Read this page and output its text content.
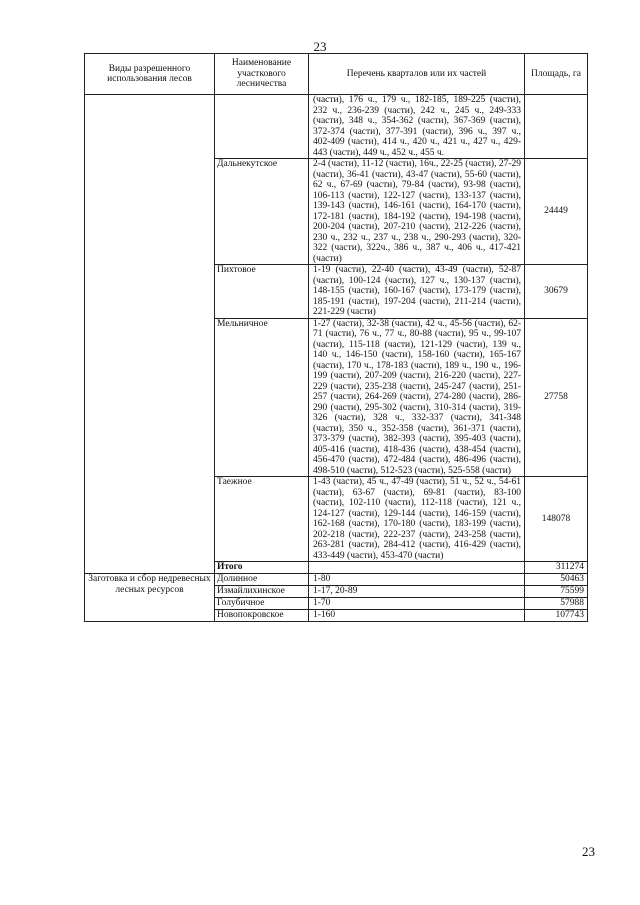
23
Виды разрешенного использования лесов	Наименование участкового лесничества	Перечень кварталов или их частей	Площадь, га
		(части), 176 ч., 179 ч., 182-185, 189-225 (части), 232 ч., 236-239 (части), 242 ч., 245 ч., 249-333 (части), 348 ч., 354-362 (части), 367-369 (части), 372-374 (части), 377-391 (части), 396 ч., 397 ч., 402-409 (части), 414 ч., 420 ч., 421 ч., 427 ч., 429-443 (части), 449 ч., 452 ч., 455 ч.	
	Дальнекутское	2-4 (части), 11-12 (части), 16ч., 22-25 (части), 27-29 (части), 36-41 (части), 43-47 (части), 55-60 (части), 62 ч., 67-69 (части), 79-84 (части), 93-98 (части), 106-113 (части), 122-127 (части), 133-137 (части), 139-143 (части), 146-161 (части), 164-170 (части), 172-181 (части), 184-192 (части), 194-198 (части), 200-204 (части), 207-210 (части), 212-226 (части), 230 ч., 232 ч., 237 ч., 238 ч., 290-293 (части), 320-322 (части), 322ч., 386 ч., 387 ч., 406 ч., 417-421 (части)	24449
	Пихтовое	1-19 (части), 22-40 (части), 43-49 (части), 52-87 (части), 100-124 (части), 127 ч., 130-137 (части), 148-155 (части), 160-167 (части), 173-179 (части), 185-191 (части), 197-204 (части), 211-214 (части), 221-229 (части)	30679
	Мельничное	1-27 (части), 32-38 (части), 42 ч., 45-56 (части), 62-71 (части), 76 ч., 77 ч., 80-88 (части), 95 ч., 99-107 (части), 115-118 (части), 121-129 (части), 139 ч., 140 ч., 146-150 (части), 158-160 (части), 165-167 (части), 170 ч., 178-183 (части), 189 ч., 190 ч., 196-199 (части), 207-209 (части), 216-220 (части), 227-229 (части), 235-238 (части), 245-247 (части), 251-257 (части), 264-269 (части), 274-280 (части), 286-290 (части), 295-302 (части), 310-314 (части), 319-326 (части), 328 ч., 332-337 (части), 341-348 (части), 350 ч., 352-358 (части), 361-371 (части), 373-379 (части), 382-393 (части), 395-403 (части), 405-416 (части), 418-436 (части), 438-454 (части), 456-470 (части), 472-484 (части), 486-496 (части), 498-510 (части), 512-523 (части), 525-558 (части)	27758
	Таежное	1-43 (части), 45 ч., 47-49 (части), 51 ч., 52 ч., 54-61 (части), 63-67 (части), 69-81 (части), 83-100 (части), 102-110 (части), 112-118 (части), 121 ч., 124-127 (части), 129-144 (части), 146-159 (части), 162-168 (части), 170-180 (части), 183-199 (части), 202-218 (части), 222-237 (части), 243-258 (части), 263-281 (части), 284-412 (части), 416-429 (части), 433-449 (части), 453-470 (части)	148078
	Итого		311274
Заготовка и сбор недревесных лесных ресурсов	Долинное	1-80	50463
	Измайлихинское	1-17, 20-89	75599
	Голубичное	1-70	57988
	Новопокровское	1-160	107743
23
